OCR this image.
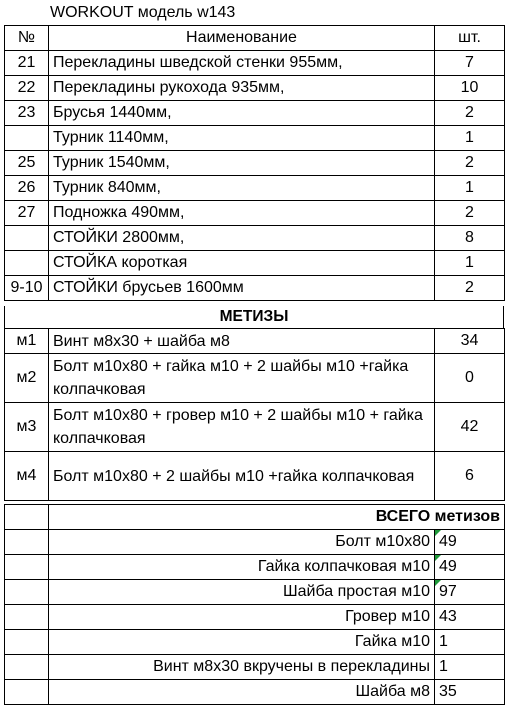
WORKOUT модель w143
№	Наименование	шт.
21	Перекладины шведской стенки 955мм,	7
22	Перекладины рукохода 935мм,	10
23	Брусья 1440мм,	2
	Турник 1140мм,	1
25	Турник 1540мм,	2
26	Турник 840мм,	1
27	Подножка 490мм,	2
	СТОЙКИ 2800мм,	8
	СТОЙКА короткая	1
9-10	СТОЙКИ брусьев 1600мм	2
МЕТИЗЫ
м1	Винт м8х30 + шайба м8	34
м2	Болт м10х80 + гайка м10 + 2 шайбы м10 +гайка колпачковая	0
м3	Болт м10х80 + гровер м10 + 2 шайбы м10 + гайка колпачковая	42
м4	Болт м10х80 + 2 шайбы м10 +гайка колпачковая	6
	ВСЕГО метизов	
	Болт м10х80	49
	Гайка колпачковая м10	49
	Шайба простая м10	97
	Гровер м10	43
	Гайка м10	1
	Винт м8х30 вкручены в перекладины	1
	Шайба м8	35
